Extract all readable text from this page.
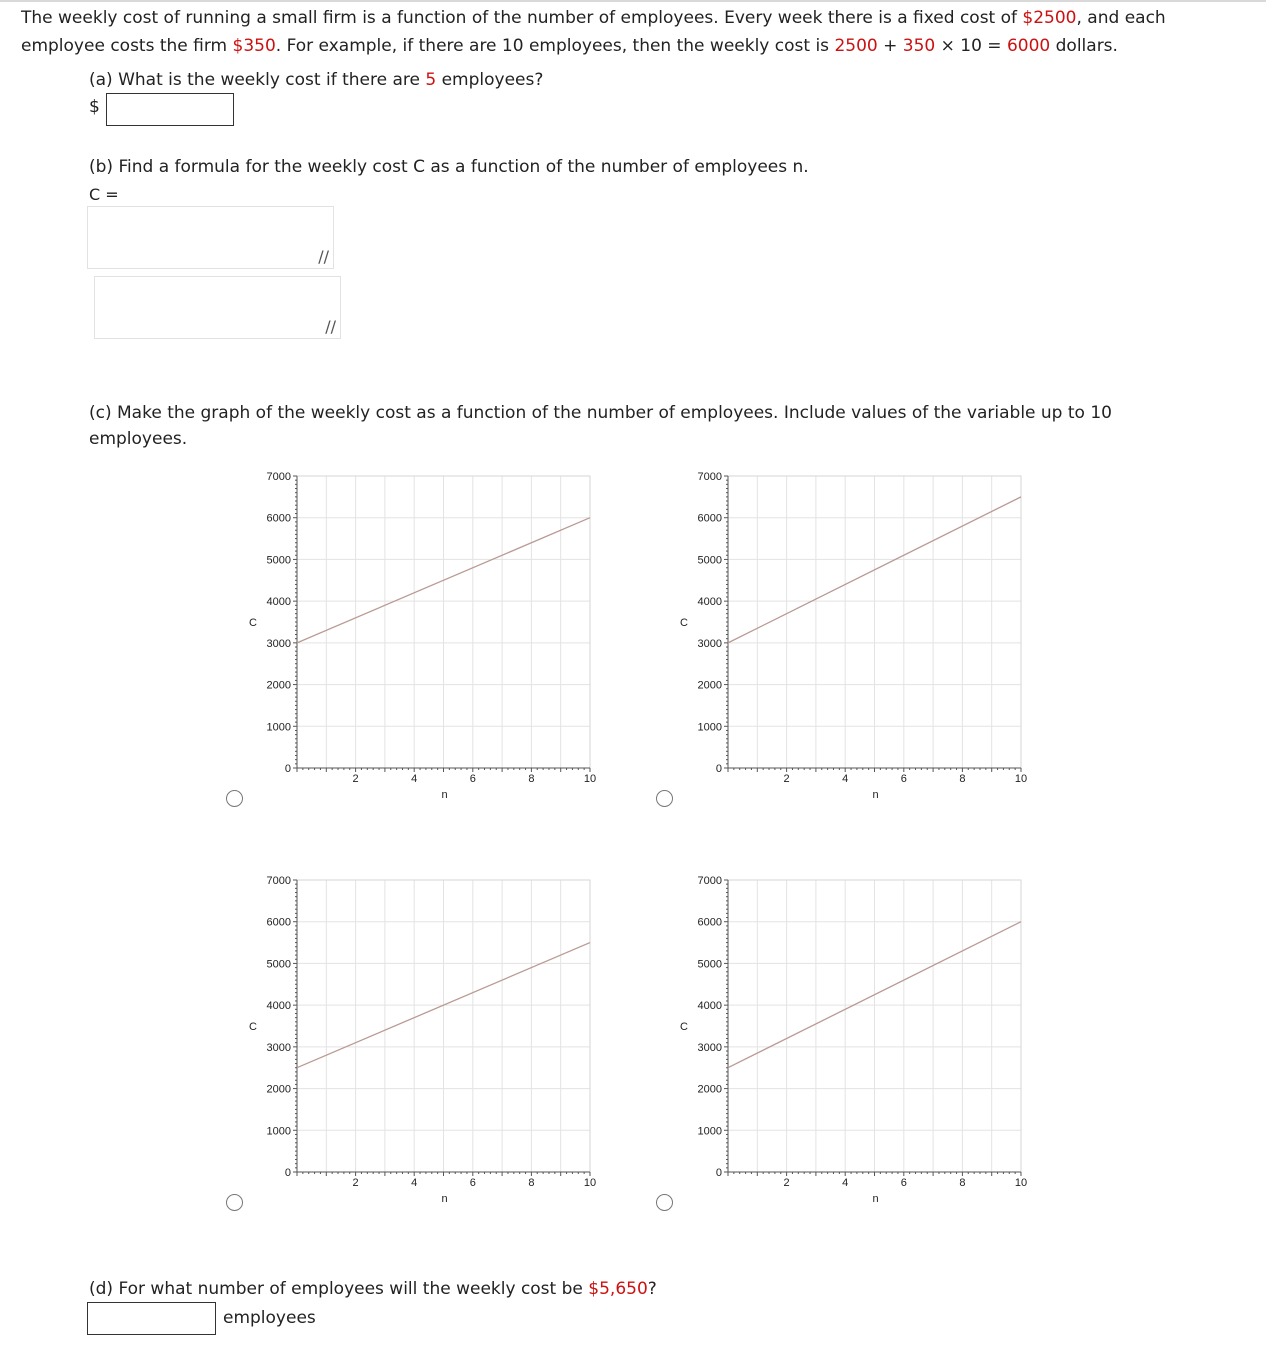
The weekly cost of running a small firm is a function of the number of employees. Every week there is a fixed cost of $2500, and each employee costs the firm $350. For example, if there are 10 employees, then the weekly cost is 2500 + 350 × 10 = 6000 dollars.
(a) What is the weekly cost if there are 5 employees?
$
(b) Find a formula for the weekly cost C as a function of the number of employees n.
C =
//
//
(c) Make the graph of the weekly cost as a function of the number of employees. Include values of the variable up to 10 employees.
0
1000
2000
3000
4000
5000
6000
7000
2	4	6	8	10
n
C
0
1000
2000
3000
4000
5000
6000
7000
2	4	6	8	10
n
C
0
1000
2000
3000
4000
5000
6000
7000
2	4	6	8	10
n
C
0
1000
2000
3000
4000
5000
6000
7000
2	4	6	8	10
n
C
(d) For what number of employees will the weekly cost be $5,650?
employees
